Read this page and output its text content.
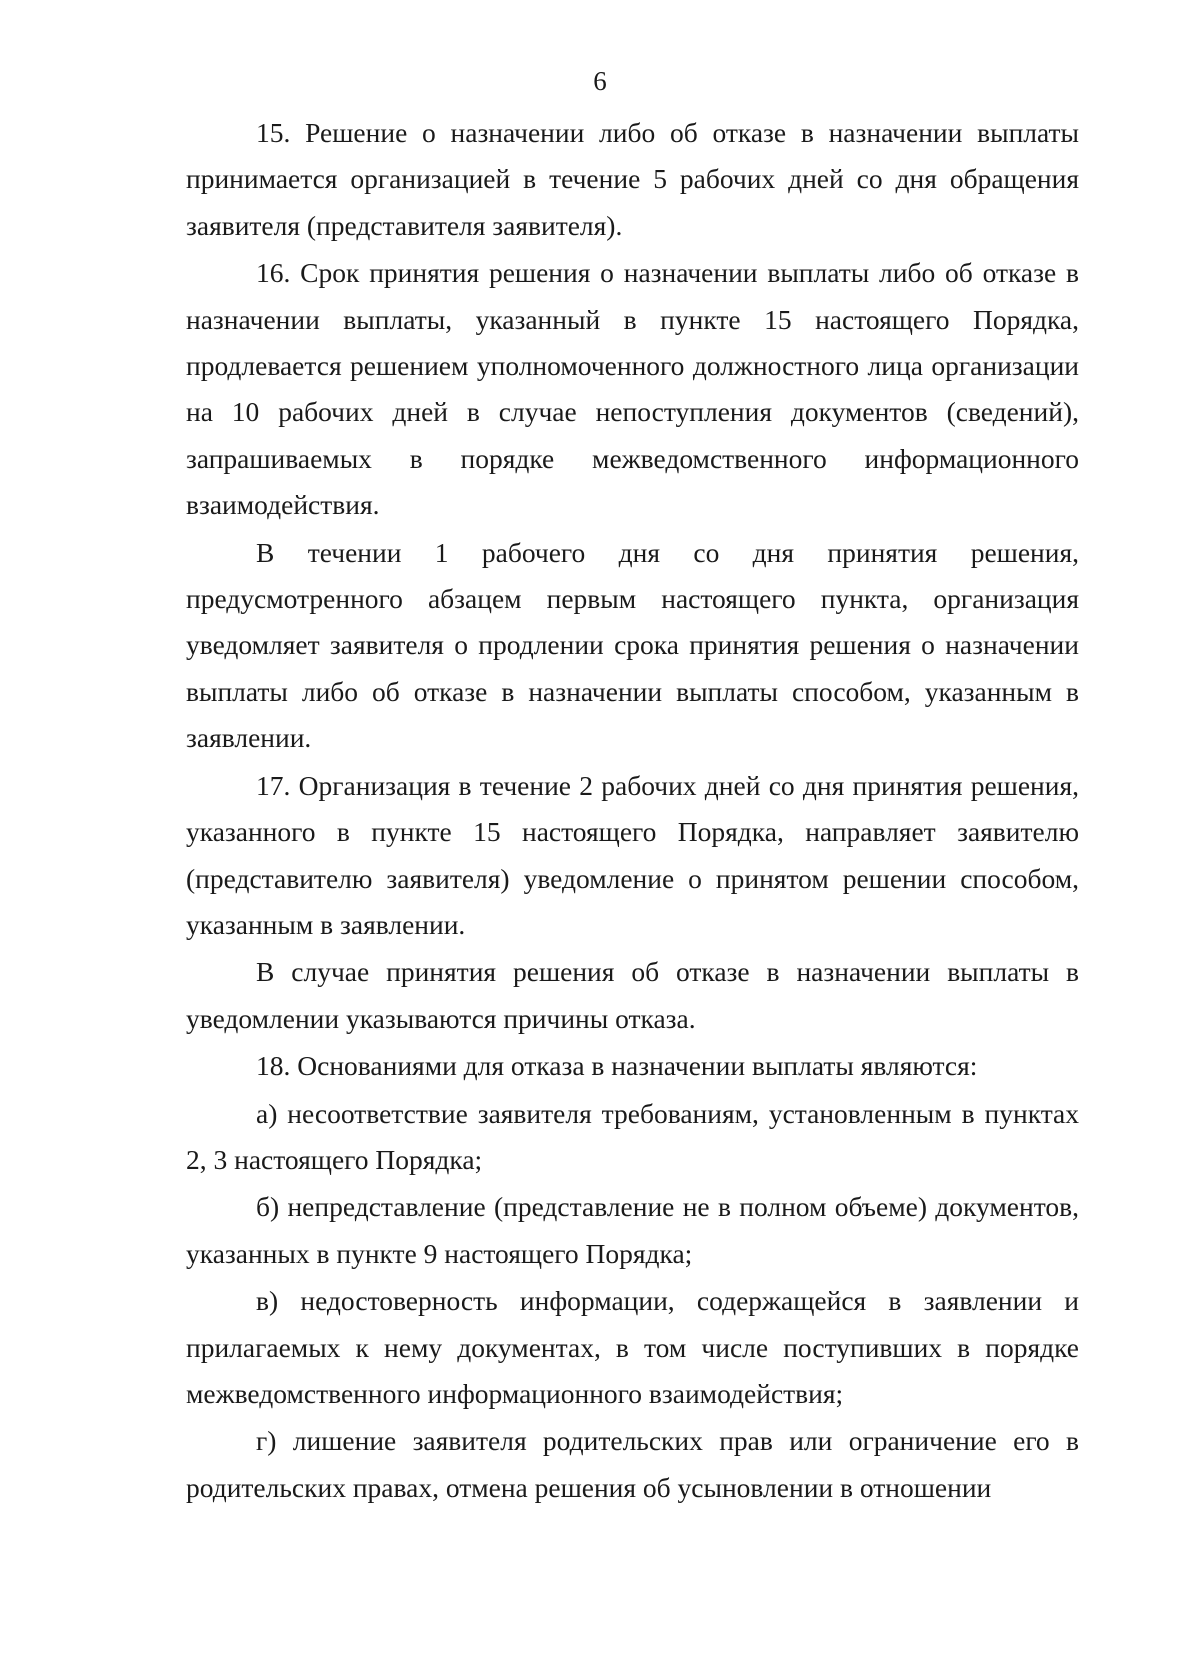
6

15. Решение о назначении либо об отказе в назначении выплаты принимается организацией в течение 5 рабочих дней со дня обращения заявителя (представителя заявителя).

16. Срок принятия решения о назначении выплаты либо об отказе в назначении выплаты, указанный в пункте 15 настоящего Порядка, продлевается решением уполномоченного должностного лица организации на 10 рабочих дней в случае непоступления документов (сведений), запрашиваемых в порядке межведомственного информационного взаимодействия.

В течении 1 рабочего дня со дня принятия решения, предусмотренного абзацем первым настоящего пункта, организация уведомляет заявителя о продлении срока принятия решения о назначении выплаты либо об отказе в назначении выплаты способом, указанным в заявлении.

17. Организация в течение 2 рабочих дней со дня принятия решения, указанного в пункте 15 настоящего Порядка, направляет заявителю (представителю заявителя) уведомление о принятом решении способом, указанным в заявлении.

В случае принятия решения об отказе в назначении выплаты в уведомлении указываются причины отказа.

18. Основаниями для отказа в назначении выплаты являются:

а) несоответствие заявителя требованиям, установленным в пунктах 2, 3 настоящего Порядка;

б) непредставление (представление не в полном объеме) документов, указанных в пункте 9 настоящего Порядка;

в) недостоверность информации, содержащейся в заявлении и прилагаемых к нему документах, в том числе поступивших в порядке межведомственного информационного взаимодействия;

г) лишение заявителя родительских прав или ограничение его в родительских правах, отмена решения об усыновлении в отношении
